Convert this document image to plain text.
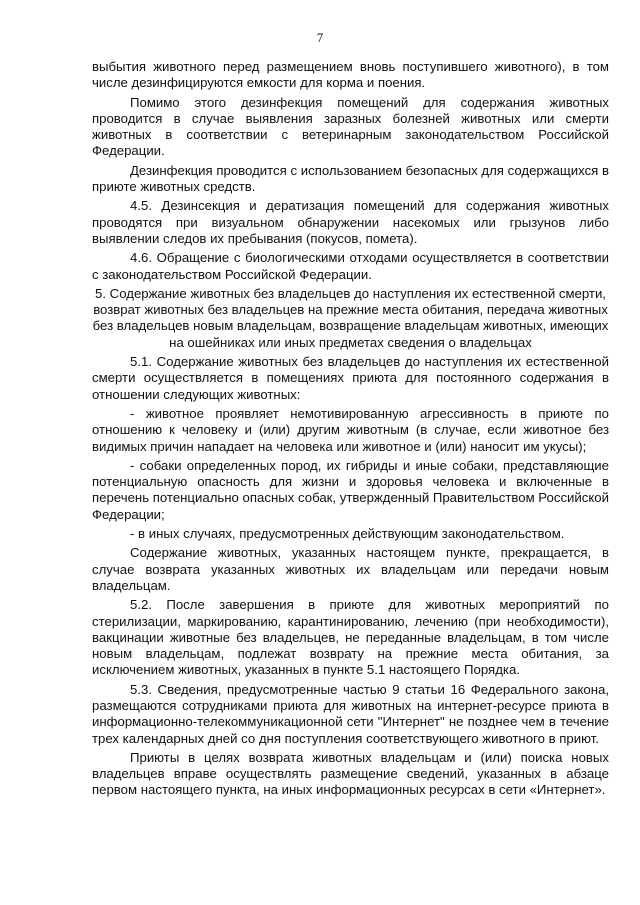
7

выбытия животного перед размещением вновь поступившего животного), в том числе дезинфицируются емкости для корма и поения.

Помимо этого дезинфекция помещений для содержания животных проводится в случае выявления заразных болезней животных или смерти животных в соответствии с ветеринарным законодательством Российской Федерации.

Дезинфекция проводится с использованием безопасных для содержащихся в приюте животных средств.

4.5. Дезинсекция и дератизация помещений для содержания животных проводятся при визуальном обнаружении насекомых или грызунов либо выявлении следов их пребывания (покусов, помета).

4.6. Обращение с биологическими отходами осуществляется в соответствии с законодательством Российской Федерации.

5. Содержание животных без владельцев до наступления их естественной смерти, возврат животных без владельцев на прежние места обитания, передача животных без владельцев новым владельцам, возвращение владельцам животных, имеющих на ошейниках или иных предметах сведения о владельцах

5.1. Содержание животных без владельцев до наступления их естественной смерти осуществляется в помещениях приюта для постоянного содержания в отношении следующих животных:

- животное проявляет немотивированную агрессивность в приюте по отношению к человеку и (или) другим животным (в случае, если животное без видимых причин нападает на человека или животное и (или) наносит им укусы);

- собаки определенных пород, их гибриды и иные собаки, представляющие потенциальную опасность для жизни и здоровья человека и включенные в перечень потенциально опасных собак, утвержденный Правительством Российской Федерации;

- в иных случаях, предусмотренных действующим законодательством.

Содержание животных, указанных настоящем пункте, прекращается, в случае возврата указанных животных их владельцам или передачи новым владельцам.

5.2. После завершения в приюте для животных мероприятий по стерилизации, маркированию, карантинированию, лечению (при необходимости), вакцинации животные без владельцев, не переданные владельцам, в том числе новым владельцам, подлежат возврату на прежние места обитания, за исключением животных, указанных в пункте 5.1 настоящего Порядка.

5.3. Сведения, предусмотренные частью 9 статьи 16 Федерального закона, размещаются сотрудниками приюта для животных на интернет-ресурсе приюта в информационно-телекоммуникационной сети "Интернет" не позднее чем в течение трех календарных дней со дня поступления соответствующего животного в приют.

Приюты в целях возврата животных владельцам и (или) поиска новых владельцев вправе осуществлять размещение сведений, указанных в абзаце первом настоящего пункта, на иных информационных ресурсах в сети «Интернет».
